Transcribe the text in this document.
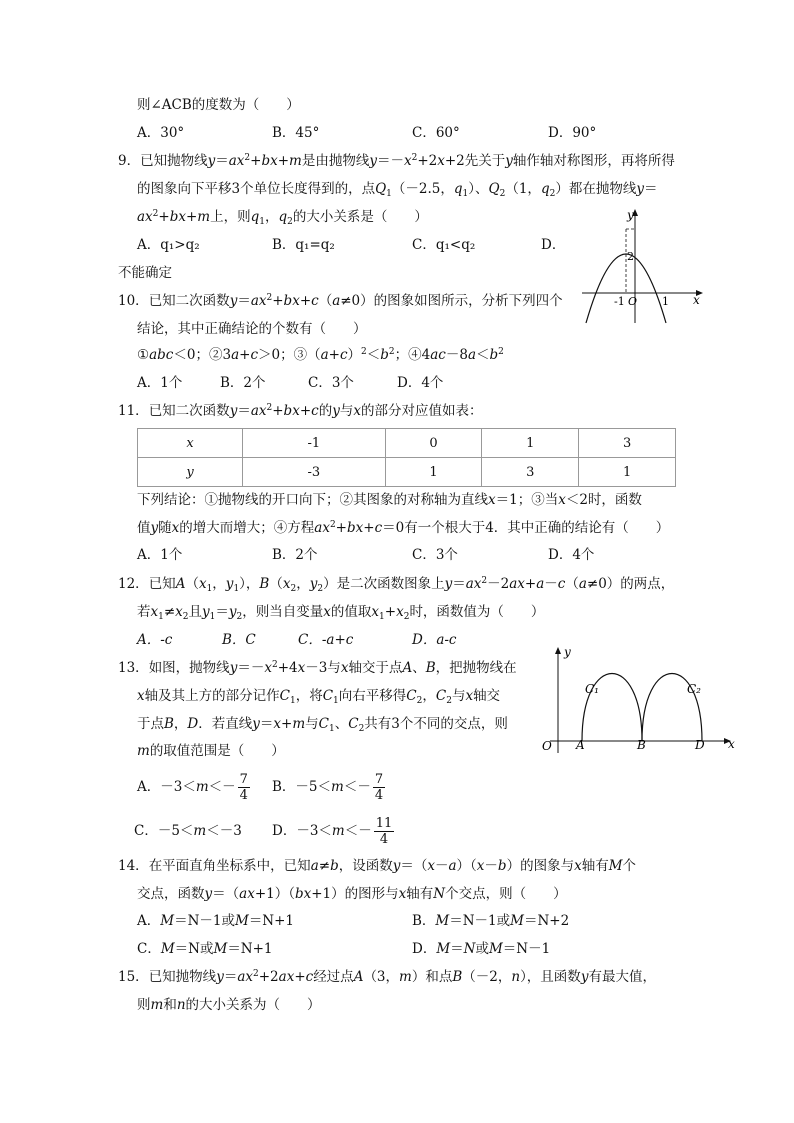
则∠ACB的度数为（　　）
A．30°	B．45°	C．60°	D．90°
9．已知抛物线$y=ax^2+bx+m$是由抛物线$y=-x^2+2x+2$先关于y轴作轴对称图形，再将所得
的图象向下平移3个单位长度得到的，点$Q_1(-2.5$，$q_1$）、$Q_2(1$，$q_2$）都在抛物线y＝
$ax^2+bx+m$上，则$q_1$，$q_2$的大小关系是（　　）
A．q₁>q₂	B．q₁=q₂	C．q₁<q₂	D．
不能确定
y
x
2
-1 O 1
10．已知二次函数$y=ax^2+bx+c(a\ne 0)$的图象如图所示，分析下列四个
结论，其中正确结论的个数有（　　）
①abc＜0；②3a+c＞0；$③(a+c)^2<b^2$；$④4ac-8a<b^2$
A．1个	B．2个	C．3个	D．4个
11．已知二次函数$y=ax^2+bx+c$的y与x的部分对应值如表：
x	-1	0	1	3
y	-3	1	3	1
下列结论：①抛物线的开口向下；②其图象的对称轴为直线x＝1；③当x＜2时，函数
值y随x的增大而增大；④方程$ax^2+bx+c=0$有一个根大于4．其中正确的结论有（　　）
A．1个	B．2个	C．3个	D．4个
12．已知$A(x_1$，$y_1$），$B(x_2$，$y_2$）是二次函数图象上$y=ax^2-2ax+a-c(a\ne 0)$的两点，
若$x_1\ne x_2$且$y_1=y_2$，则当自变量x的值取$x_1+x_2$时，函数值为（　　）
A．-c	B．C	C．-a+c	D．a-c
y
x
O A	B	D
C₁	C₂
13．如图，抛物线$y=-x^2+4x-3$与x轴交于点A、B，把抛物线在
x轴及其上方的部分记作$C_1$，将$C_1$向右平移得$C_2$，$C_2$与x轴交
于点B，D．若直线y＝x+m与$C_1$、$C_2$共有3个不同的交点，则
m的取值范围是（　　）
A．$-3<m<- \frac{7}{4}$ B．$-5<m<- \frac{7}{4}$
C．－5＜m＜－3 D．$-3<m<- \frac{11}{4}$
14．在平面直角坐标系中，已知a≠b，设函数y＝（x－a）（x－b）的图象与x轴有M个
交点，函数y＝（ax+1）（bx+1）的图形与x轴有N个交点，则（　　）
A．M＝N－1或M＝N+1	B．M＝N－1或M＝N+2
C．M＝N或M＝N+1	D．M＝N或M＝N－1
15．已知抛物线$y=ax^2+2ax+c$经过点A（3，m）和点B（－2，n），且函数y有最大值，
则m和n的大小关系为（　　）
